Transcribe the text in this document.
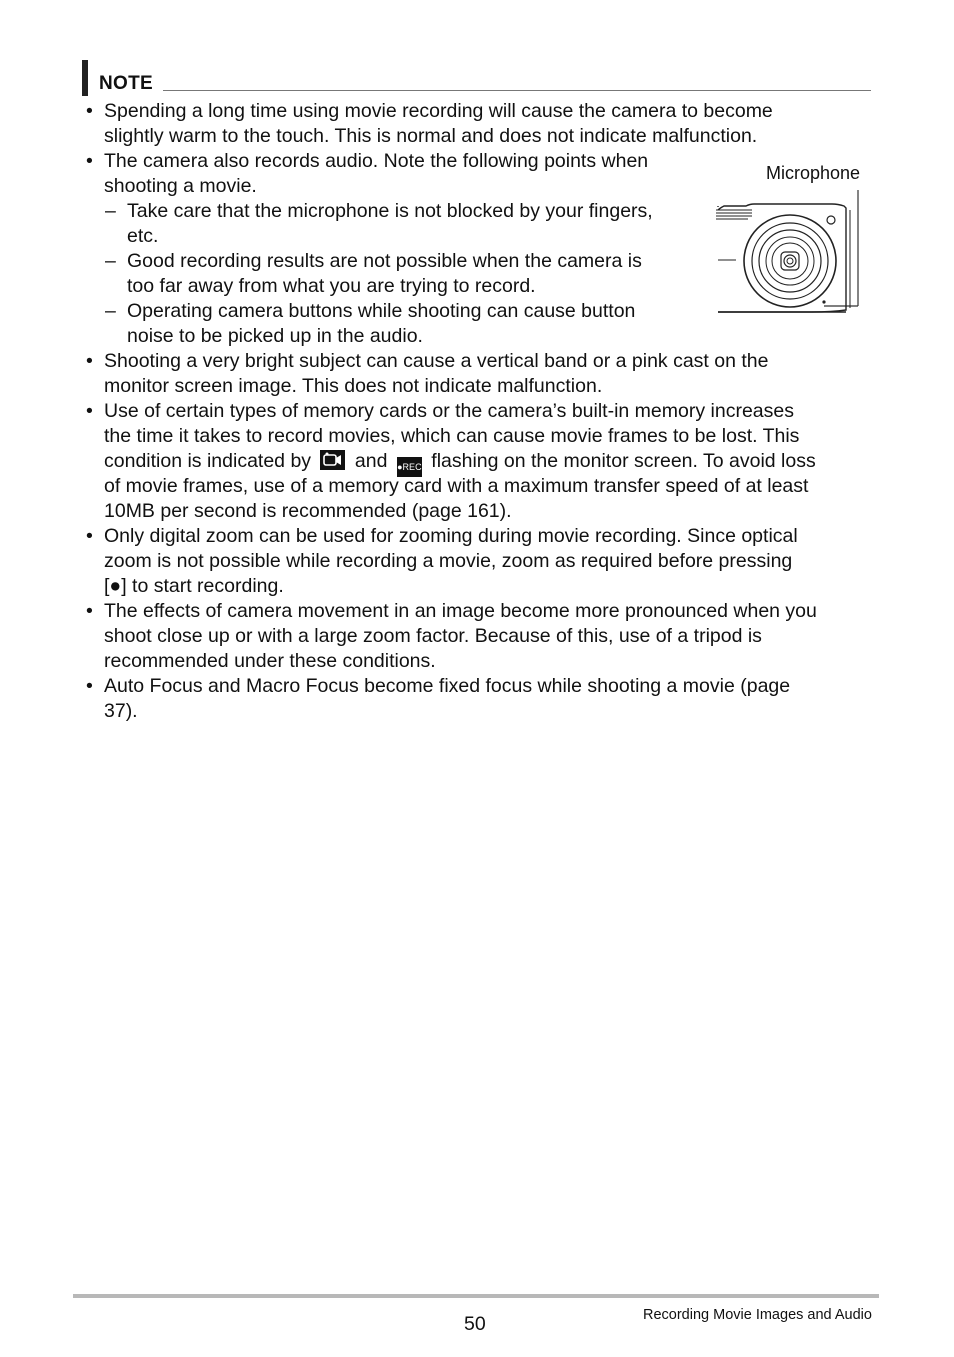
NOTE
• Spending a long time using movie recording will cause the camera to become
slightly warm to the touch. This is normal and does not indicate malfunction.
• The camera also records audio. Note the following points when
shooting a movie.
– Take care that the microphone is not blocked by your fingers,
etc.
– Good recording results are not possible when the camera is
too far away from what you are trying to record.
– Operating camera buttons while shooting can cause button
noise to be picked up in the audio.
Microphone
• Shooting a very bright subject can cause a vertical band or a pink cast on the
monitor screen image. This does not indicate malfunction.
• Use of certain types of memory cards or the camera’s built-in memory increases
the time it takes to record movies, which can cause movie frames to be lost. This
condition is indicated by and ●REC flashing on the monitor screen. To avoid loss
of movie frames, use of a memory card with a maximum transfer speed of at least
10MB per second is recommended (page 161).
• Only digital zoom can be used for zooming during movie recording. Since optical
zoom is not possible while recording a movie, zoom as required before pressing
[●] to start recording.
• The effects of camera movement in an image become more pronounced when you
shoot close up or with a large zoom factor. Because of this, use of a tripod is
recommended under these conditions.
• Auto Focus and Macro Focus become fixed focus while shooting a movie (page
37).
50	Recording Movie Images and Audio
